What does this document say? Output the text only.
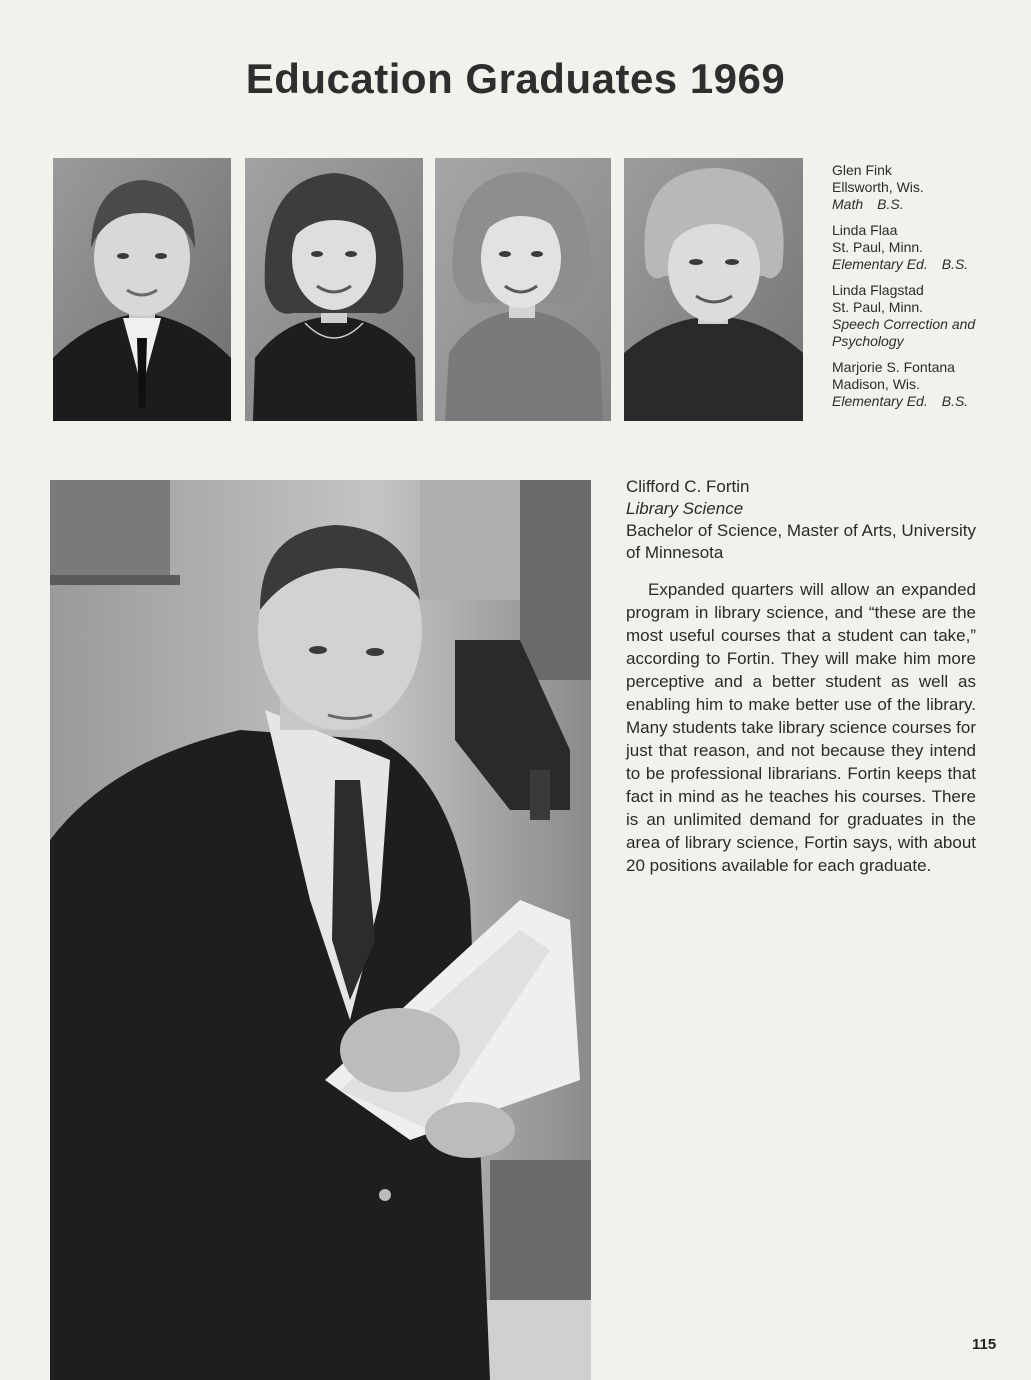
Education Graduates 1969
Glen Fink
Ellsworth, Wis.
Math B.S.
Linda Flaa
St. Paul, Minn.
Elementary Ed. B.S.
Linda Flagstad
St. Paul, Minn.
Speech Correction and Psychology
Marjorie S. Fontana
Madison, Wis.
Elementary Ed. B.S.
Clifford C. Fortin
Library Science
Bachelor of Science, Master of Arts, University of Minnesota
Expanded quarters will allow an expanded program in library science, and “these are the most useful courses that a student can take,” according to Fortin. They will make him more perceptive and a better student as well as enabling him to make better use of the library. Many students take library science courses for just that reason, and not because they intend to be professional librarians. Fortin keeps that fact in mind as he teaches his courses. There is an unlimited demand for graduates in the area of library science, Fortin says, with about 20 positions available for each graduate.
115
